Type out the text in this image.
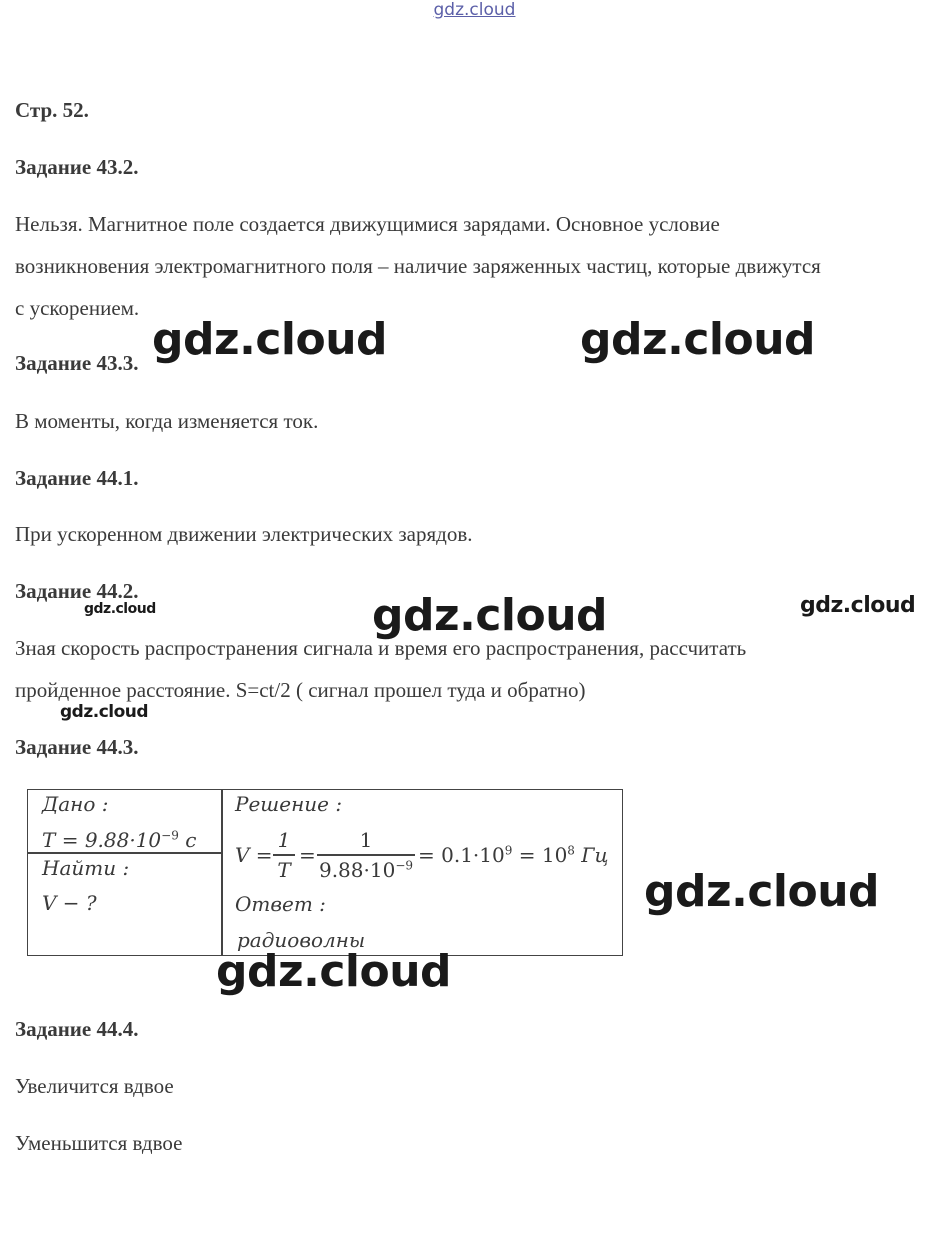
gdz.cloud
Стр. 52.
Задание 43.2.
Нельзя. Магнитное поле создается движущимися зарядами. Основное условие
возникновения электромагнитного поля – наличие заряженных частиц, которые движутся
с ускорением.
Задание 43.3.
В моменты, когда изменяется ток.
Задание 44.1.
При ускоренном движении электрических зарядов.
Задание 44.2.
Зная скорость распространения сигнала и время его распространения, рассчитать
пройденное расстояние. S=ct/2 ( сигнал прошел туда и обратно)
Задание 44.3.
Дано :
$T = 9.88\cdot 10^{-9}$ c
Найти :
V − ?
Решение :
V =
1
T
=
1
$9.88\cdot 10^{-9} = 0.1\cdot 10^9 = 10^8$ Гц
Ответ :
радиоволны
Задание 44.4.
Увеличится вдвое
Уменьшится вдвое
gdz.cloud	gdz.cloud
gdz.cloud	gdz.cloud
gdz.cloud
gdz.cloud
gdz.cloud
gdz.cloud
